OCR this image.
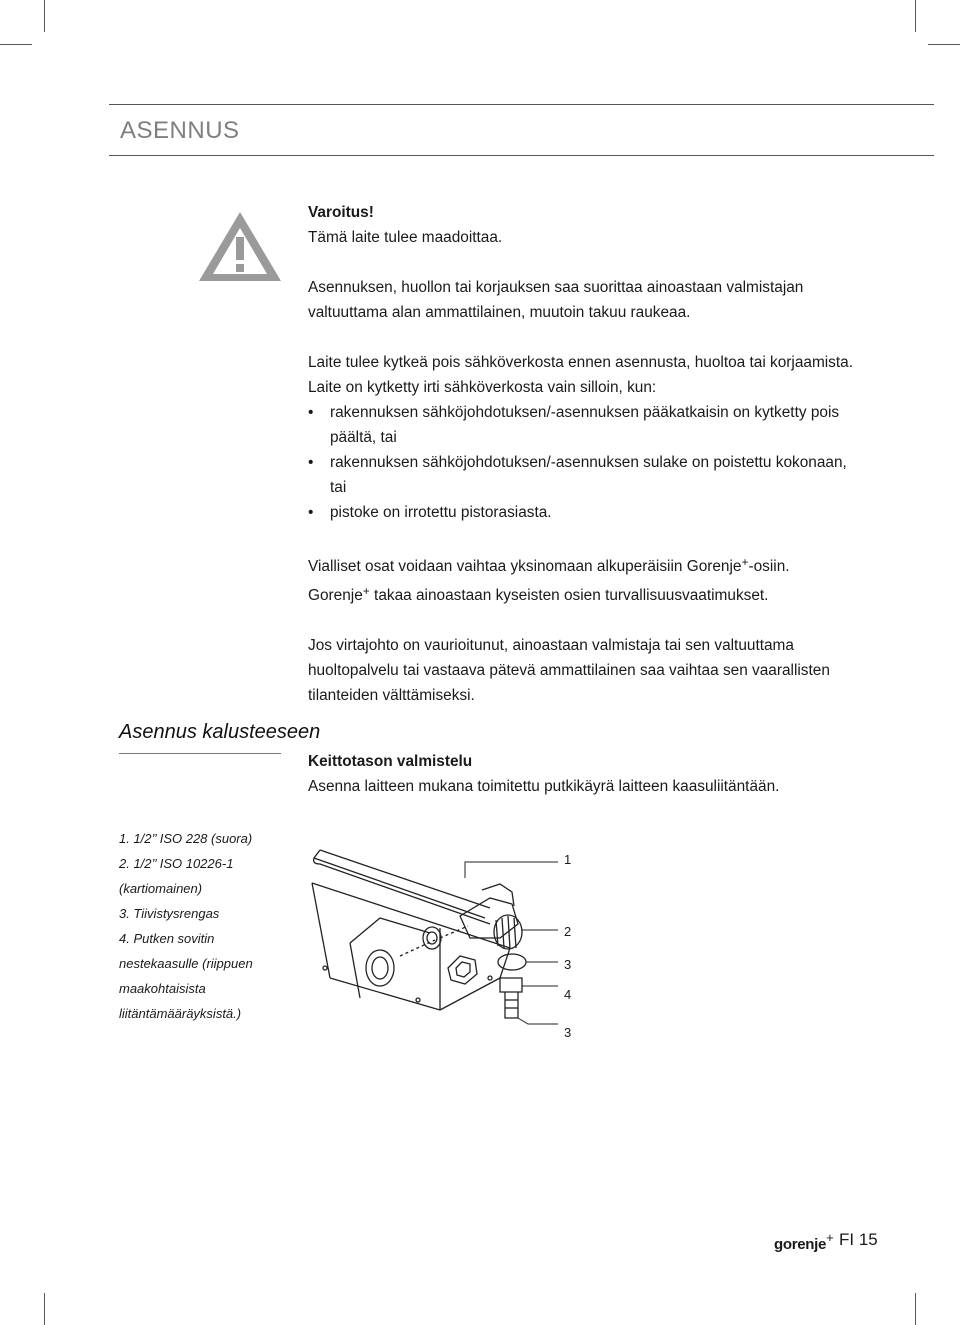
ASENNUS

Varoitus!

Tämä laite tulee maadoittaa.

Asennuksen, huollon tai korjauksen saa suorittaa ainoastaan valmistajan valtuuttama alan ammattilainen, muutoin takuu raukeaa.

Laite tulee kytkeä pois sähköverkosta ennen asennusta, huoltoa tai korjaamista. Laite on kytketty irti sähköverkosta vain silloin, kun:

• rakennuksen sähköjohdotuksen/-asennuksen pääkatkaisin on kytketty pois päältä, tai
• rakennuksen sähköjohdotuksen/-asennuksen sulake on poistettu kokonaan, tai
• pistoke on irrotettu pistorasiasta.

Vialliset osat voidaan vaihtaa yksinomaan alkuperäisiin Gorenje+-osiin.

Gorenje+ takaa ainoastaan kyseisten osien turvallisuusvaatimukset.

Jos virtajohto on vaurioitunut, ainoastaan valmistaja tai sen valtuuttama huoltopalvelu tai vastaava pätevä ammattilainen saa vaihtaa sen vaarallisten tilanteiden välttämiseksi.

Asennus kalusteeseen

Keittotason valmistelu

Asenna laitteen mukana toimitettu putkikäyrä laitteen kaasuliitäntään.

1. 1/2’’ ISO 228 (suora)
2. 1/2’’ ISO 10226-1
(kartiomainen)
3. Tiivistysrengas
4. Putken sovitin
nestekaasulle (riippuen
maakohtaisista
liitäntämääräyksistä.)
1
2
3
4
3
gorenje+ FI 15
